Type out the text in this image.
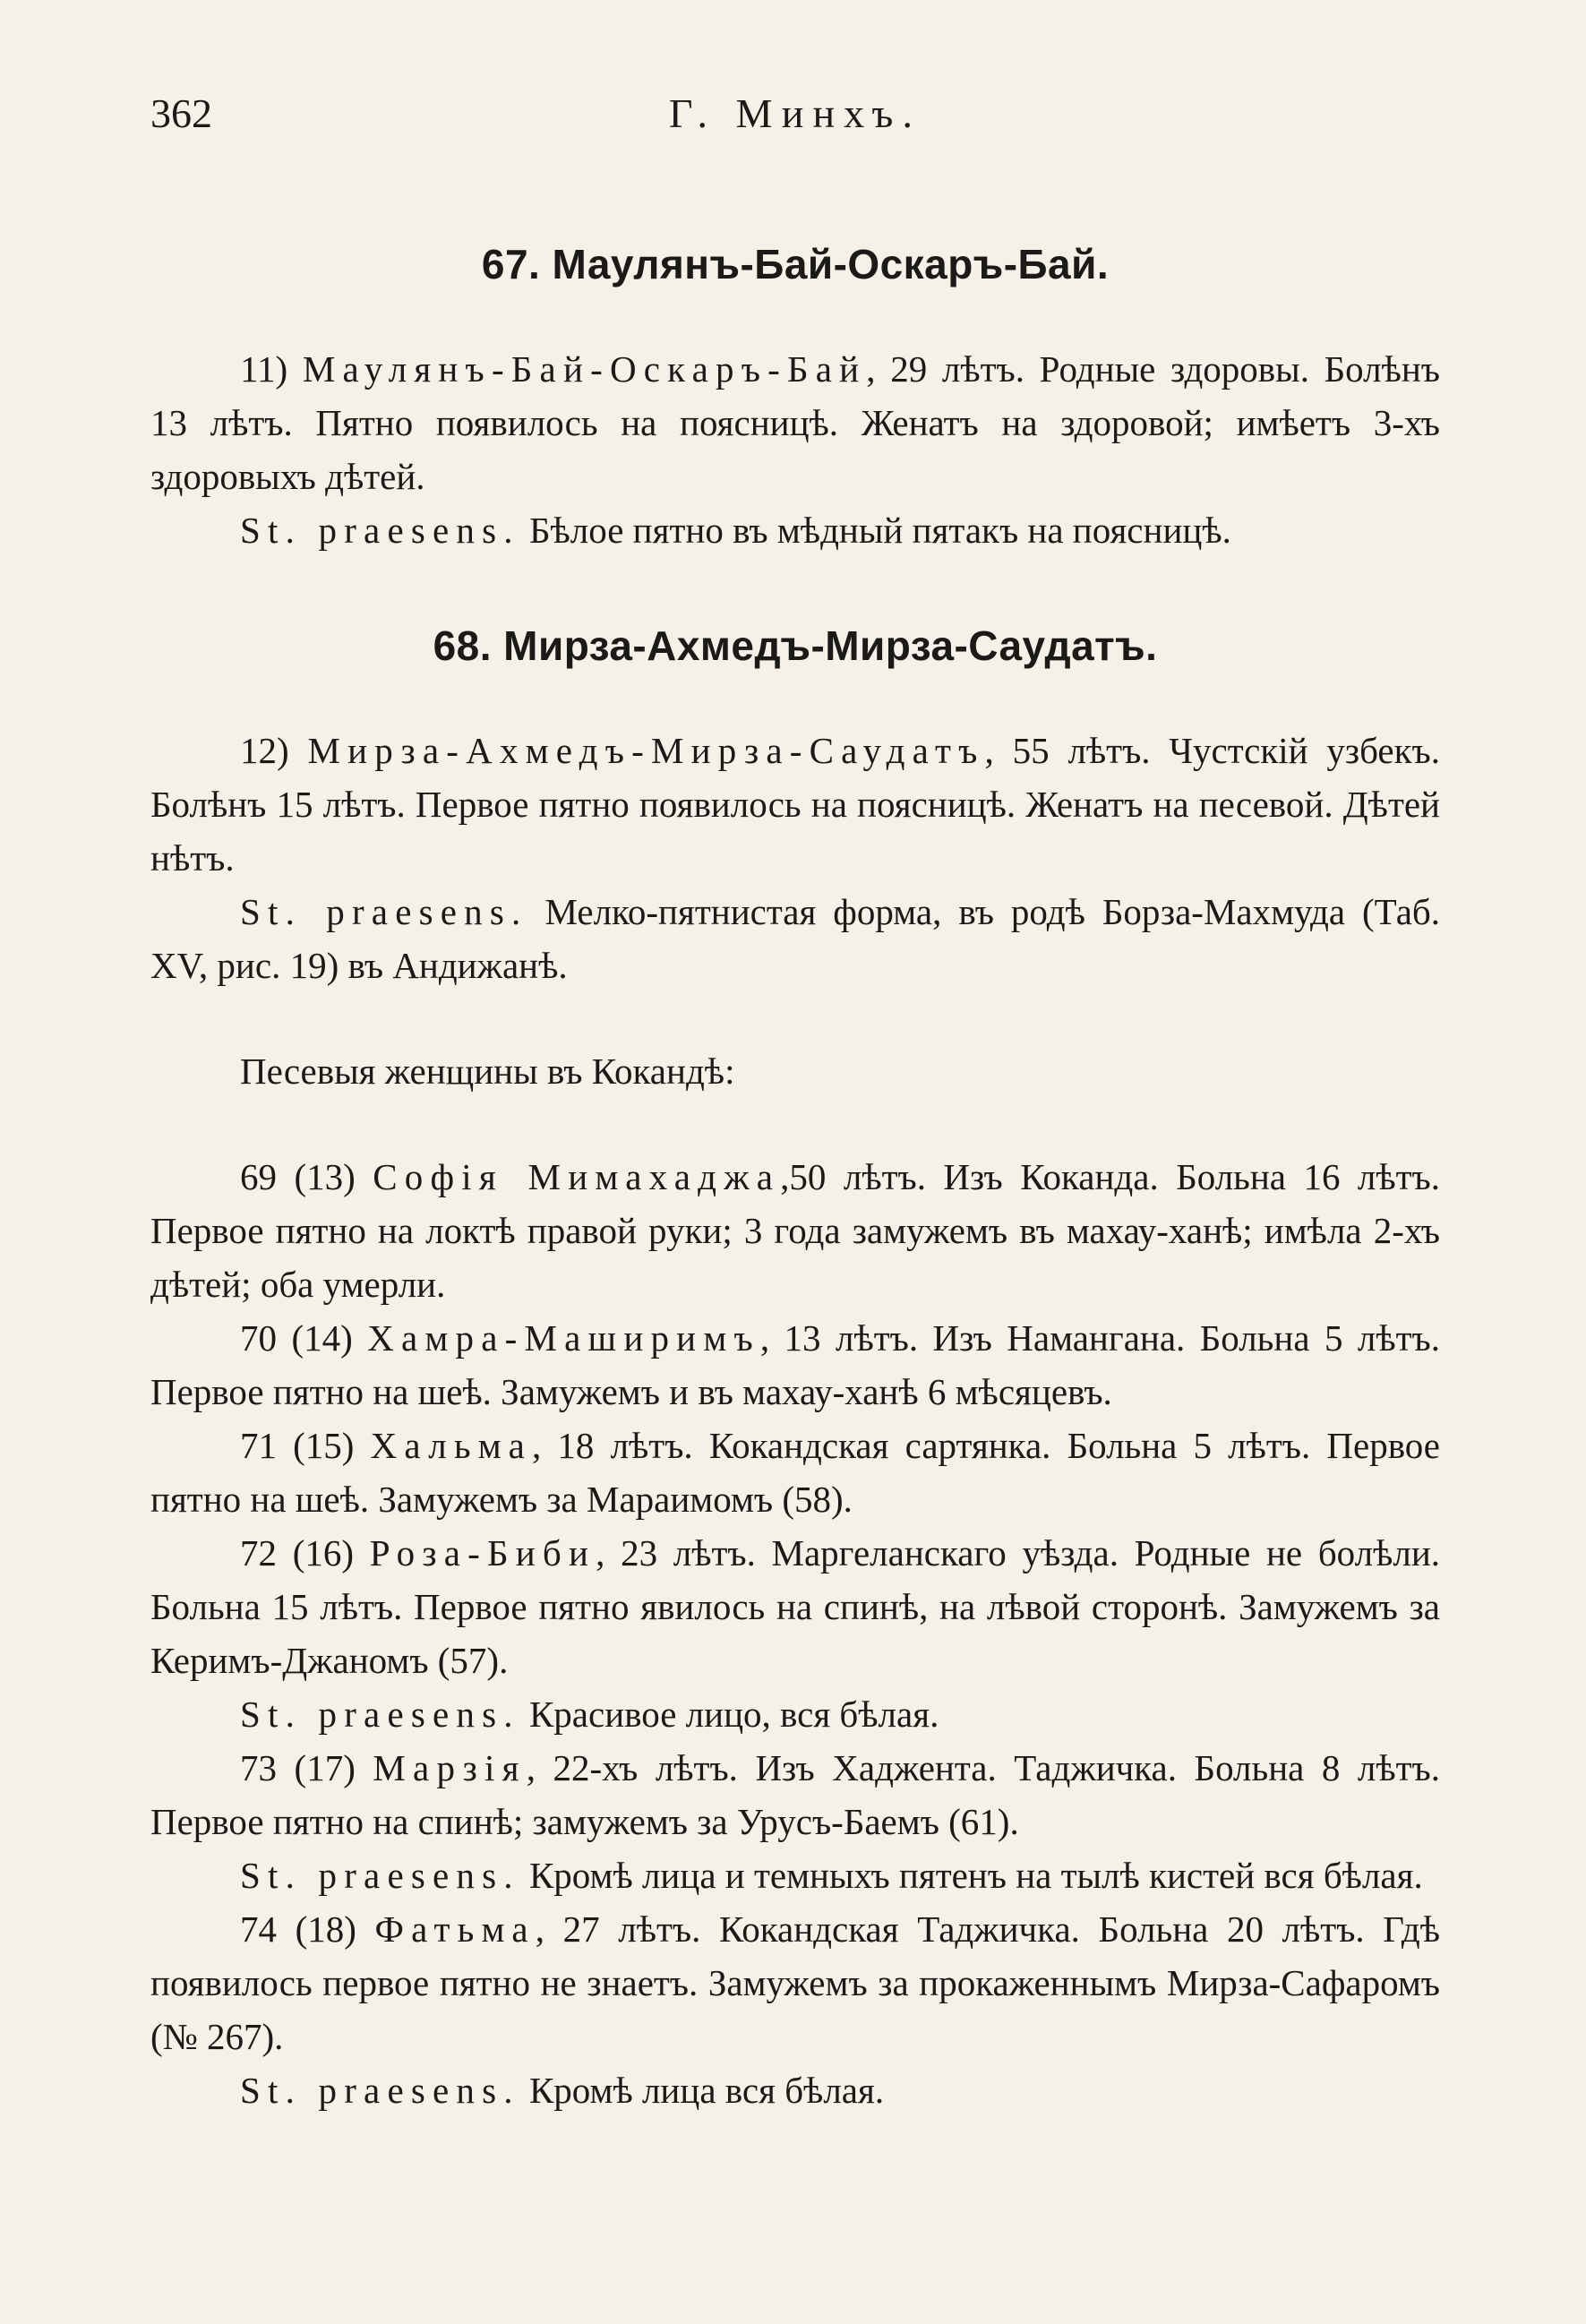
362	Г. Минхъ.
67. Маулянъ-Бай-Оскаръ-Бай.

11) Маулянъ-Бай-Оскаръ-Бай, 29 лѣтъ. Родные здоровы. Болѣнъ 13 лѣтъ. Пятно появилось на поясницѣ. Женатъ на здоровой; имѣетъ 3-хъ здоровыхъ дѣтей.

St. praesens. Бѣлое пятно въ мѣдный пятакъ на поясницѣ.

68. Мирза-Ахмедъ-Мирза-Саудатъ.

12) Мирза-Ахмедъ-Мирза-Саудатъ, 55 лѣтъ. Чустскій узбекъ. Болѣнъ 15 лѣтъ. Первое пятно появилось на поясницѣ. Женатъ на песевой. Дѣтей нѣтъ.

St. praesens. Мелко-пятнистая форма, въ родѣ Борза-Махмуда (Таб. XV, рис. 19) въ Андижанѣ.

Песевыя женщины въ Кокандѣ:

69 (13) Софія Мимахаджа,50 лѣтъ. Изъ Коканда. Больна 16 лѣтъ. Первое пятно на локтѣ правой руки; 3 года замужемъ въ махау-ханѣ; имѣла 2-хъ дѣтей; оба умерли.

70 (14) Хамра-Маширимъ, 13 лѣтъ. Изъ Намангана. Больна 5 лѣтъ. Первое пятно на шеѣ. Замужемъ и въ махау-ханѣ 6 мѣсяцевъ.

71 (15) Хальма, 18 лѣтъ. Кокандская сартянка. Больна 5 лѣтъ. Первое пятно на шеѣ. Замужемъ за Мараимомъ (58).

72 (16) Роза-Биби, 23 лѣтъ. Маргеланскаго уѣзда. Родные не болѣли. Больна 15 лѣтъ. Первое пятно явилось на спинѣ, на лѣвой сторонѣ. Замужемъ за Керимъ-Джаномъ (57).

St. praesens. Красивое лицо, вся бѣлая.

73 (17) Марзія, 22-хъ лѣтъ. Изъ Хаджента. Таджичка. Больна 8 лѣтъ. Первое пятно на спинѣ; замужемъ за Урусъ-Баемъ (61).

St. praesens. Кромѣ лица и темныхъ пятенъ на тылѣ кистей вся бѣлая.

74 (18) Фатьма, 27 лѣтъ. Кокандская Таджичка. Больна 20 лѣтъ. Гдѣ появилось первое пятно не знаетъ. Замужемъ за прокаженнымъ Мирза-Сафаромъ (№ 267).

St. praesens. Кромѣ лица вся бѣлая.
